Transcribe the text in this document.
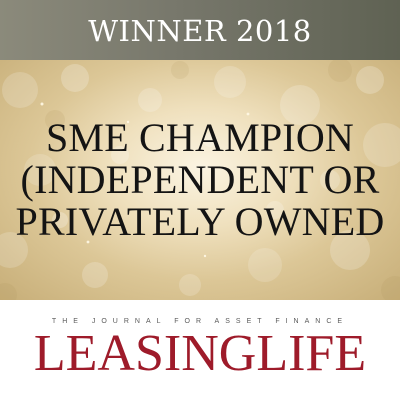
WINNER 2018
SME CHAMPION
(INDEPENDENT OR
PRIVATELY OWNED
THE JOURNAL FOR ASSET FINANCE
LEASINGLIFE
